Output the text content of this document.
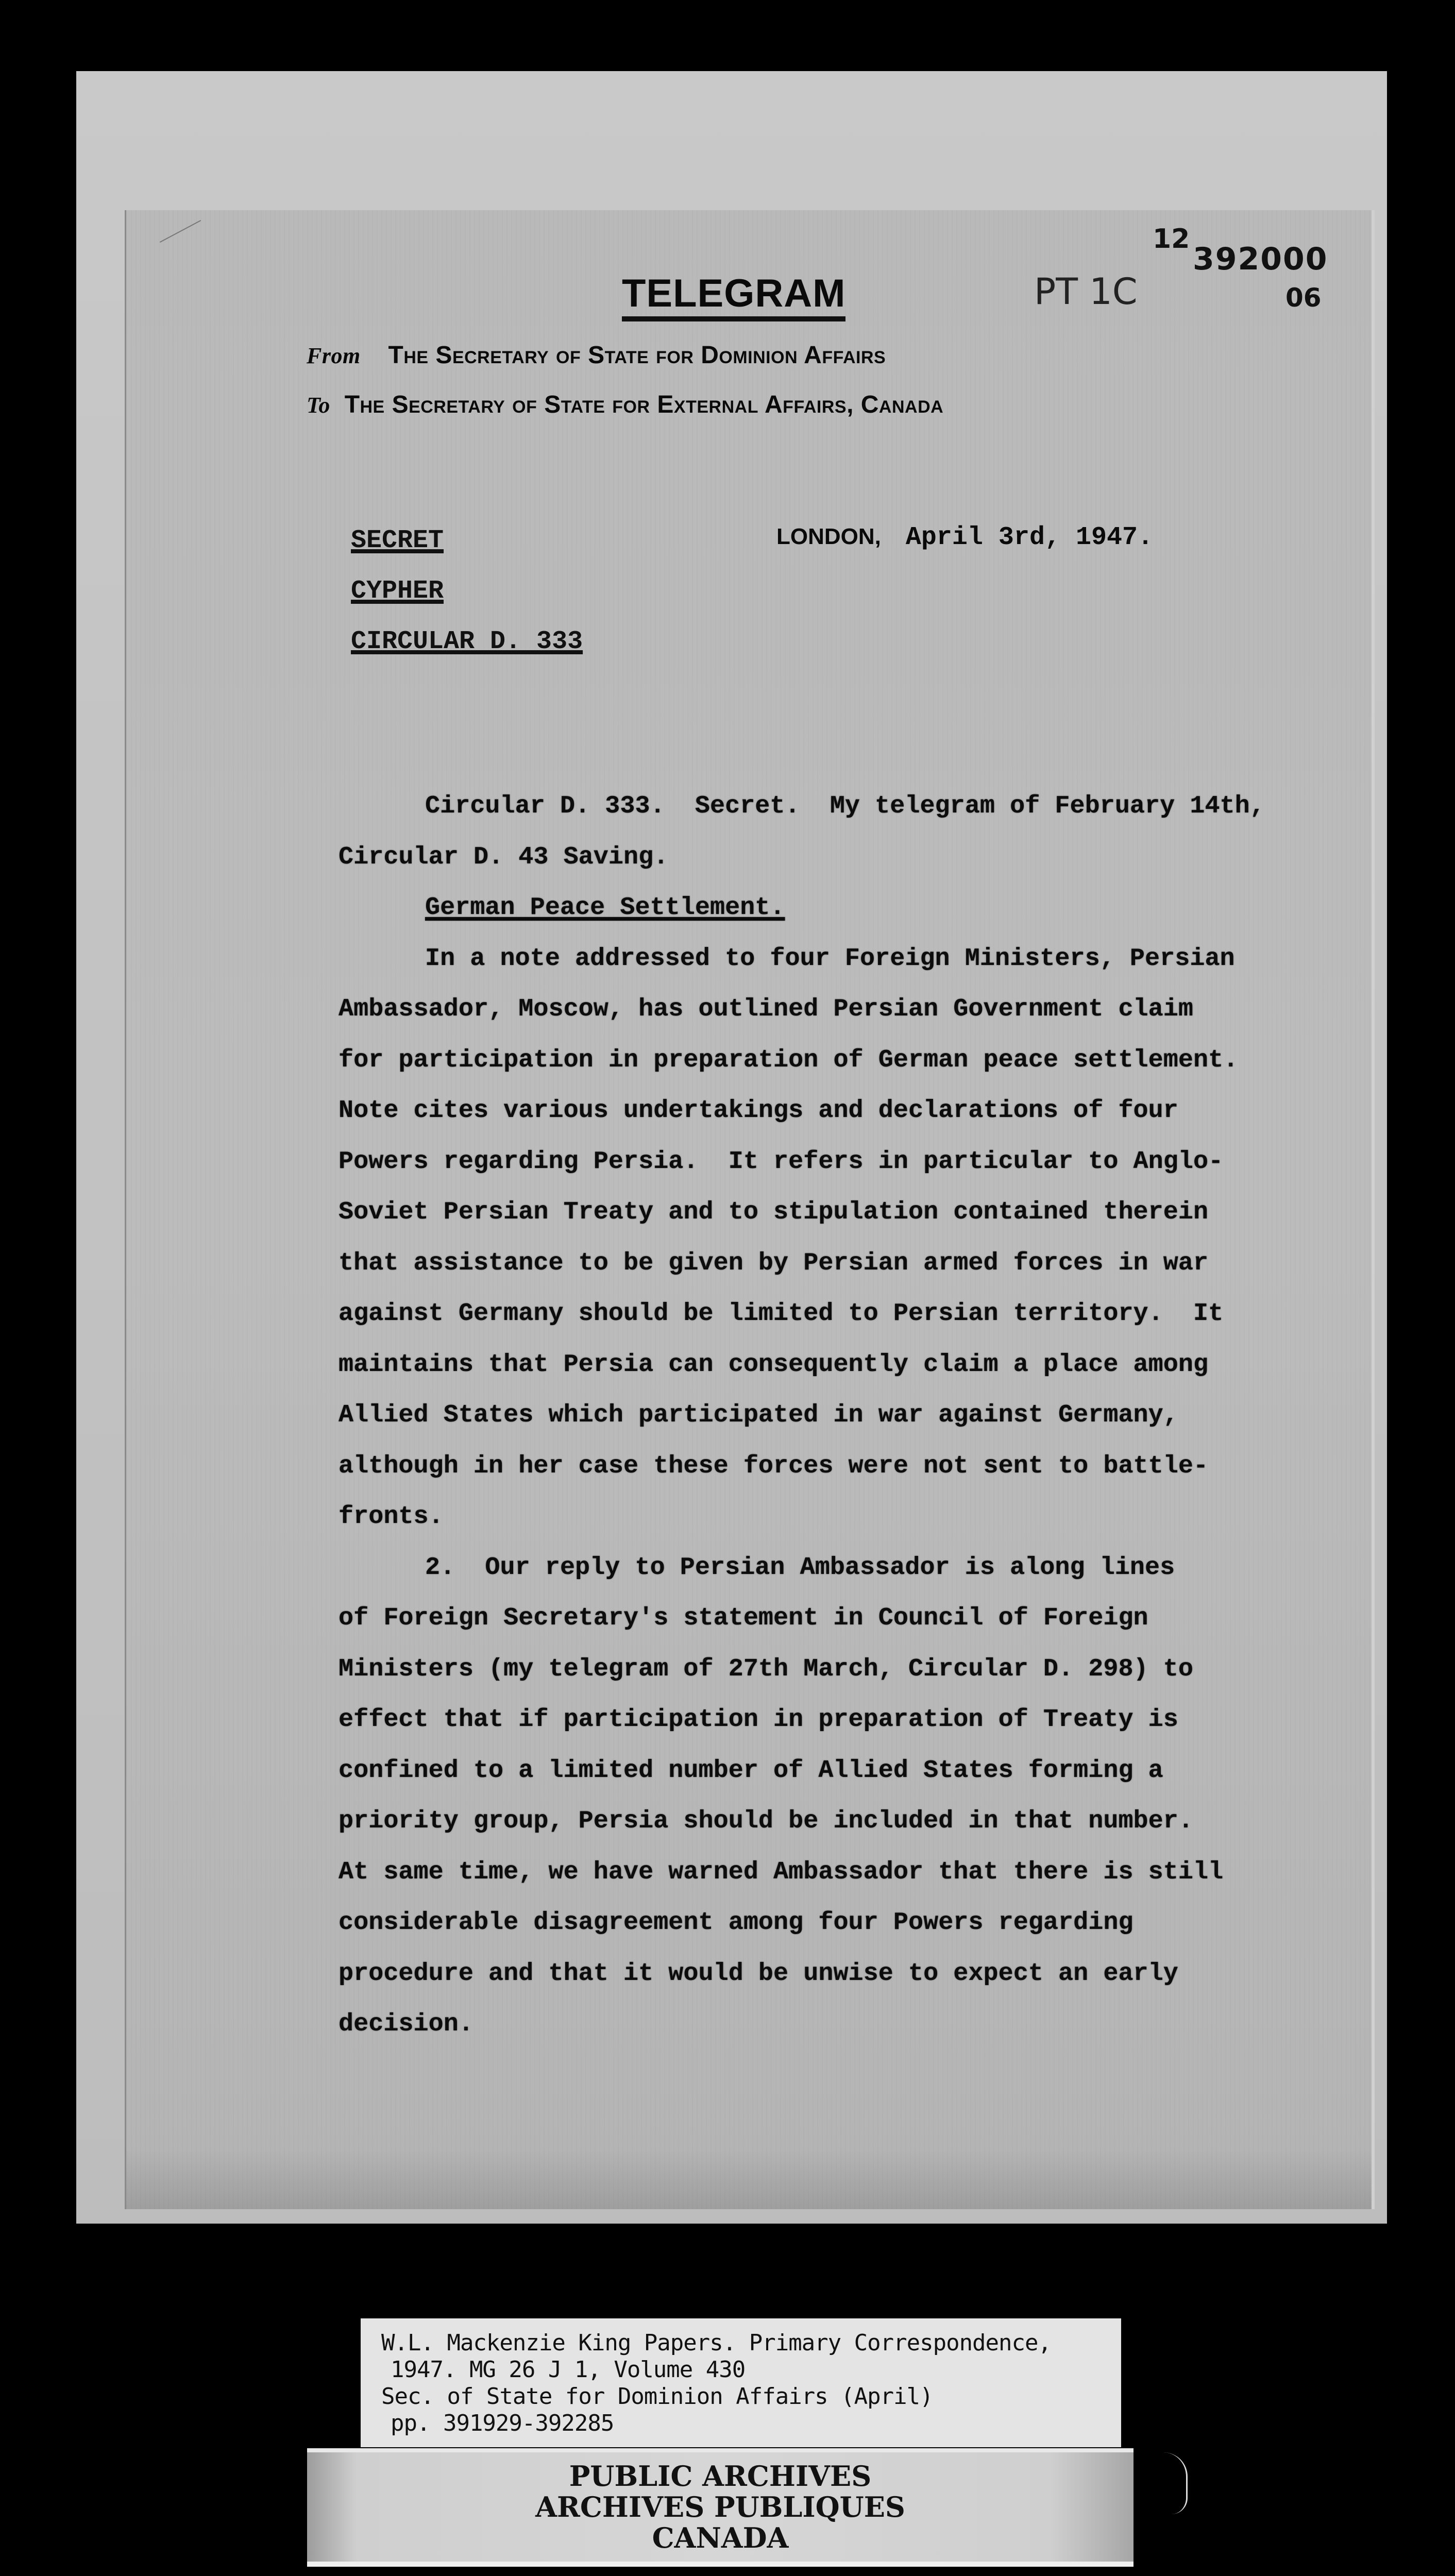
TELEGRAM	PT 1C
12
392000
06
From The Secretary of State for Dominion Affairs
To The Secretary of State for External Affairs, Canada
SECRET
CYPHER
CIRCULAR D. 333
LONDON, April 3rd, 1947.
Circular D. 333.  Secret.  My telegram of February 14th,
Circular D. 43 Saving.
German Peace Settlement.
In a note addressed to four Foreign Ministers, Persian
Ambassador, Moscow, has outlined Persian Government claim
for participation in preparation of German peace settlement.
Note cites various undertakings and declarations of four
Powers regarding Persia.  It refers in particular to Anglo-
Soviet Persian Treaty and to stipulation contained therein
that assistance to be given by Persian armed forces in war
against Germany should be limited to Persian territory.  It
maintains that Persia can consequently claim a place among
Allied States which participated in war against Germany,
although in her case these forces were not sent to battle-
fronts.
2.  Our reply to Persian Ambassador is along lines
of Foreign Secretary's statement in Council of Foreign
Ministers (my telegram of 27th March, Circular D. 298) to
effect that if participation in preparation of Treaty is
confined to a limited number of Allied States forming a
priority group, Persia should be included in that number.
At same time, we have warned Ambassador that there is still
considerable disagreement among four Powers regarding
procedure and that it would be unwise to expect an early
decision.
W.L. Mackenzie King Papers. Primary Correspondence,
1947. MG 26 J 1, Volume 430
Sec. of State for Dominion Affairs (April)
pp. 391929-392285
PUBLIC ARCHIVES
ARCHIVES PUBLIQUES
CANADA
